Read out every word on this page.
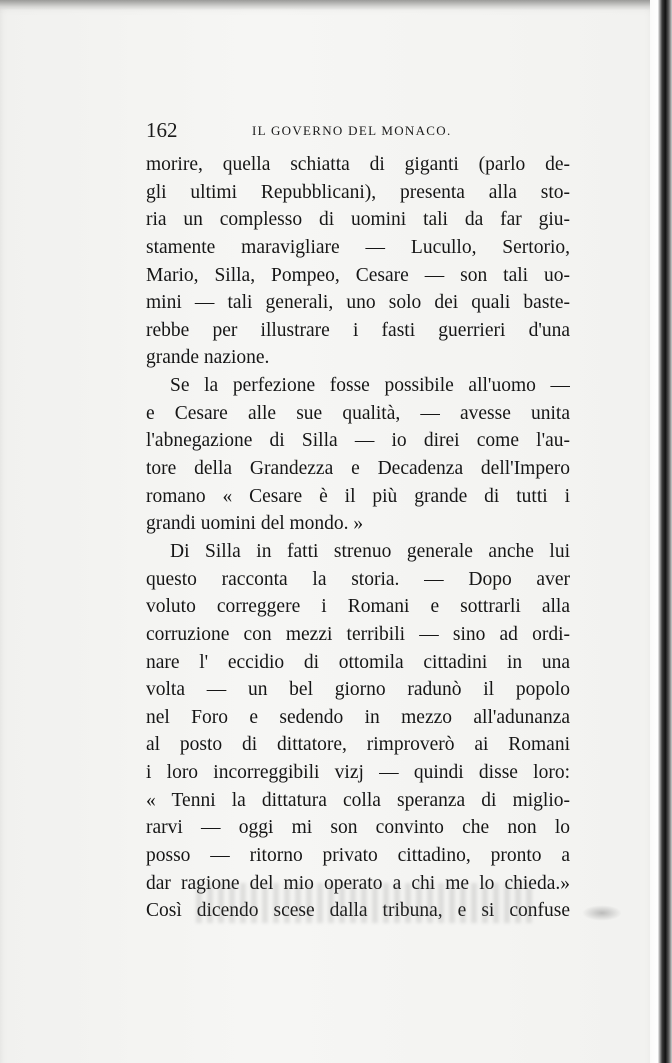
162	IL GOVERNO DEL MONACO.
morire, quella schiatta di giganti (parlo de-
gli ultimi Repubblicani), presenta alla sto-
ria un complesso di uomini tali da far giu-
stamente maravigliare — Lucullo, Sertorio,
Mario, Silla, Pompeo, Cesare — son tali uo-
mini — tali generali, uno solo dei quali baste-
rebbe per illustrare i fasti guerrieri d'una
grande nazione.
Se la perfezione fosse possibile all'uomo —
e Cesare alle sue qualità, — avesse unita
l'abnegazione di Silla — io direi come l'au-
tore della Grandezza e Decadenza dell'Impero
romano « Cesare è il più grande di tutti i
grandi uomini del mondo. »
Di Silla in fatti strenuo generale anche lui
questo racconta la storia. — Dopo aver
voluto correggere i Romani e sottrarli alla
corruzione con mezzi terribili — sino ad ordi-
nare l' eccidio di ottomila cittadini in una
volta — un bel giorno radunò il popolo
nel Foro e sedendo in mezzo all'adunanza
al posto di dittatore, rimproverò ai Romani
i loro incorreggibili vizj — quindi disse loro:
« Tenni la dittatura colla speranza di miglio-
rarvi — oggi mi son convinto che non lo
posso — ritorno privato cittadino, pronto a
dar ragione del mio operato a chi me lo chieda.»
Così dicendo scese dalla tribuna, e si confuse
